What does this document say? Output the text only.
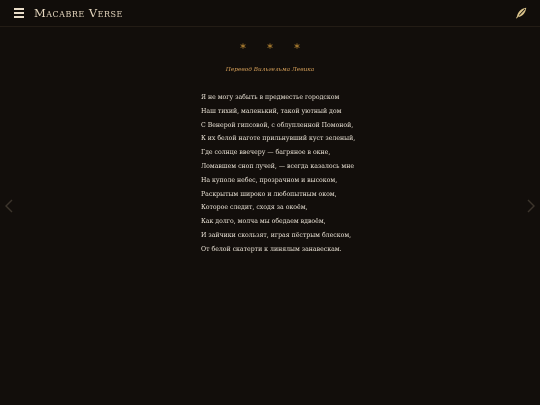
Macabre Verse
* * *
Перевод Вильгельма Левика
Я не могу забыть в предместье городском
Наш тихий, маленький, такой уютный дом
С Венерой гипсовой, с облупленной Помоной,
К их белой наготе прильнувший куст зеленый,
Где солнце ввечеру — багряное в окне,
Ломавшем сноп лучей, — всегда казалось мне
На куполе небес, прозрачном и высоком,
Раскрытым широко и любопытным оком,
Которое следит, сходя за окоём,
Как долго, молча мы обедаем вдвоём,
И зайчики скользят, играя пёстрым блеском,
От белой скатерти к линялым занавескам.
